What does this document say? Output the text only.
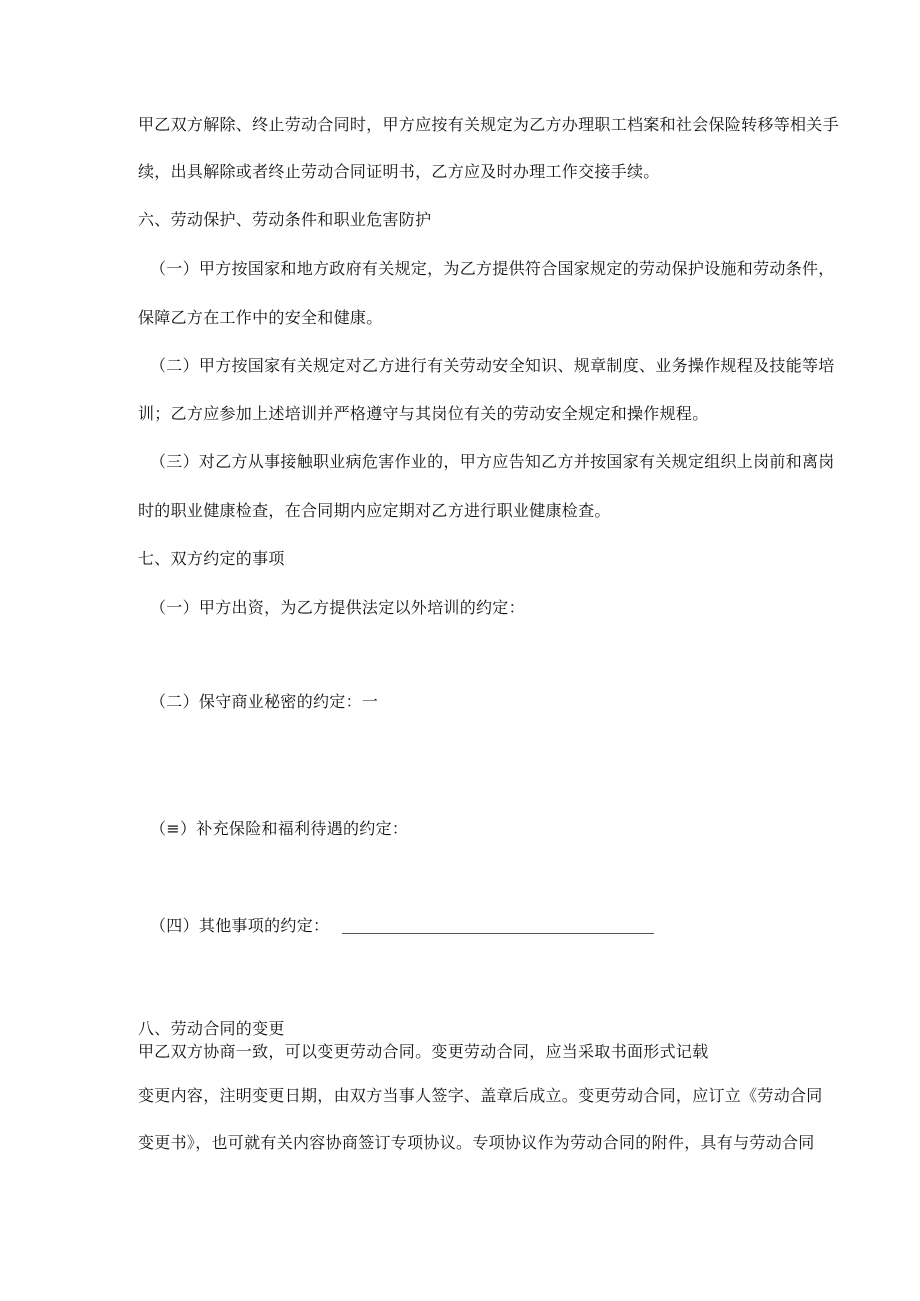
甲乙双方解除、终止劳动合同时，甲方应按有关规定为乙方办理职工档案和社会保险转移等相关手
续，出具解除或者终止劳动合同证明书，乙方应及时办理工作交接手续。
六、劳动保护、劳动条件和职业危害防护
（一）甲方按国家和地方政府有关规定，为乙方提供符合国家规定的劳动保护设施和劳动条件，
保障乙方在工作中的安全和健康。
（二）甲方按国家有关规定对乙方进行有关劳动安全知识、规章制度、业务操作规程及技能等培
训；乙方应参加上述培训并严格遵守与其岗位有关的劳动安全规定和操作规程。
（三）对乙方从事接触职业病危害作业的，甲方应告知乙方并按国家有关规定组织上岗前和离岗
时的职业健康检查，在合同期内应定期对乙方进行职业健康检查。
七、双方约定的事项
（一）甲方出资，为乙方提供法定以外培训的约定：
（二）保守商业秘密的约定：一
（≡）补充保险和福利待遇的约定：
（四）其他事项的约定：
八、劳动合同的变更
甲乙双方协商一致，可以变更劳动合同。变更劳动合同，应当采取书面形式记载
变更内容，注明变更日期，由双方当事人签字、盖章后成立。变更劳动合同，应订立《劳动合同
变更书》，也可就有关内容协商签订专项协议。专项协议作为劳动合同的附件，具有与劳动合同
